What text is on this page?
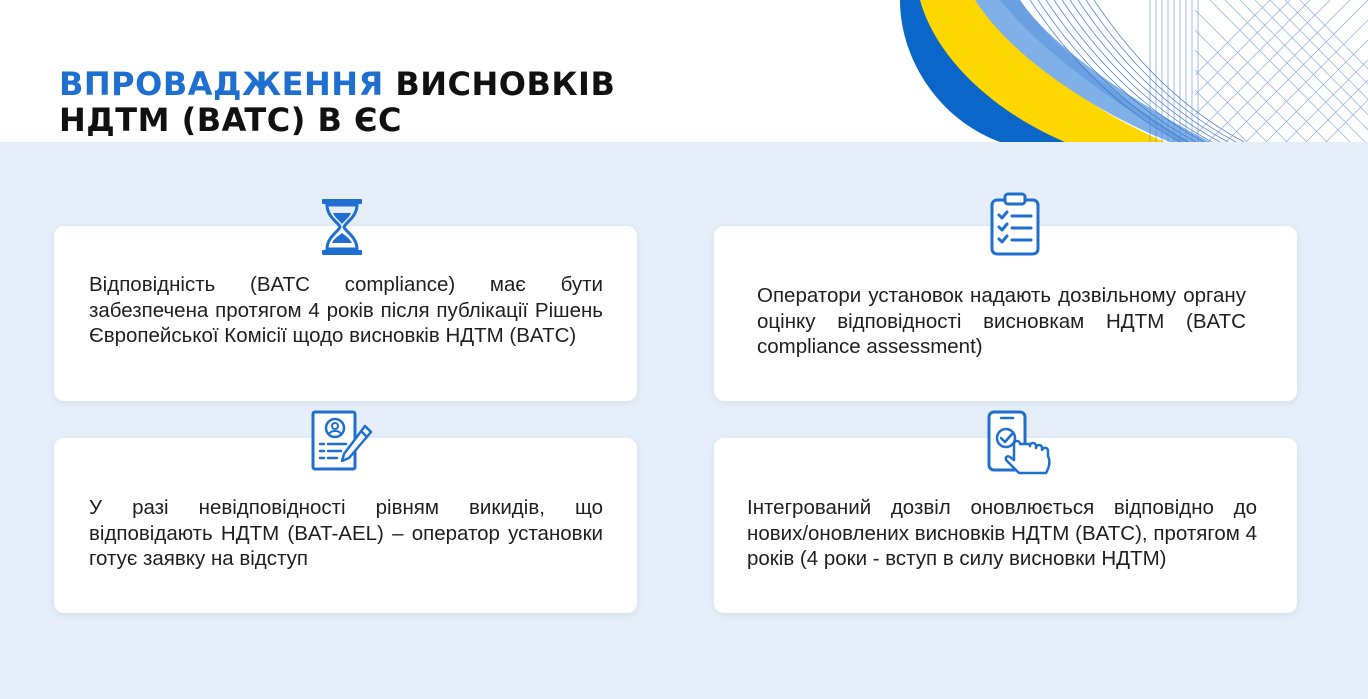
ВПРОВАДЖЕННЯ ВИСНОВКІВ
НДТМ (BATC) В ЄС
Відповідність (BATC compliance) має бути забезпечена протягом 4 років після публікації Рішень Європейської Комісії щодо висновків НДТМ (BATC)
Оператори установок надають дозвільному органу оцінку відповідності висновкам НДТМ (BATC compliance assessment)
У разі невідповідності рівням викидів, що відповідають НДТМ (BAT-AEL) – оператор установки готує заявку на відступ
Інтегрований дозвіл оновлюється відповідно до нових/оновлених висновків НДТМ (BATC), протягом 4 років (4 роки - вступ в силу висновки НДТМ)
